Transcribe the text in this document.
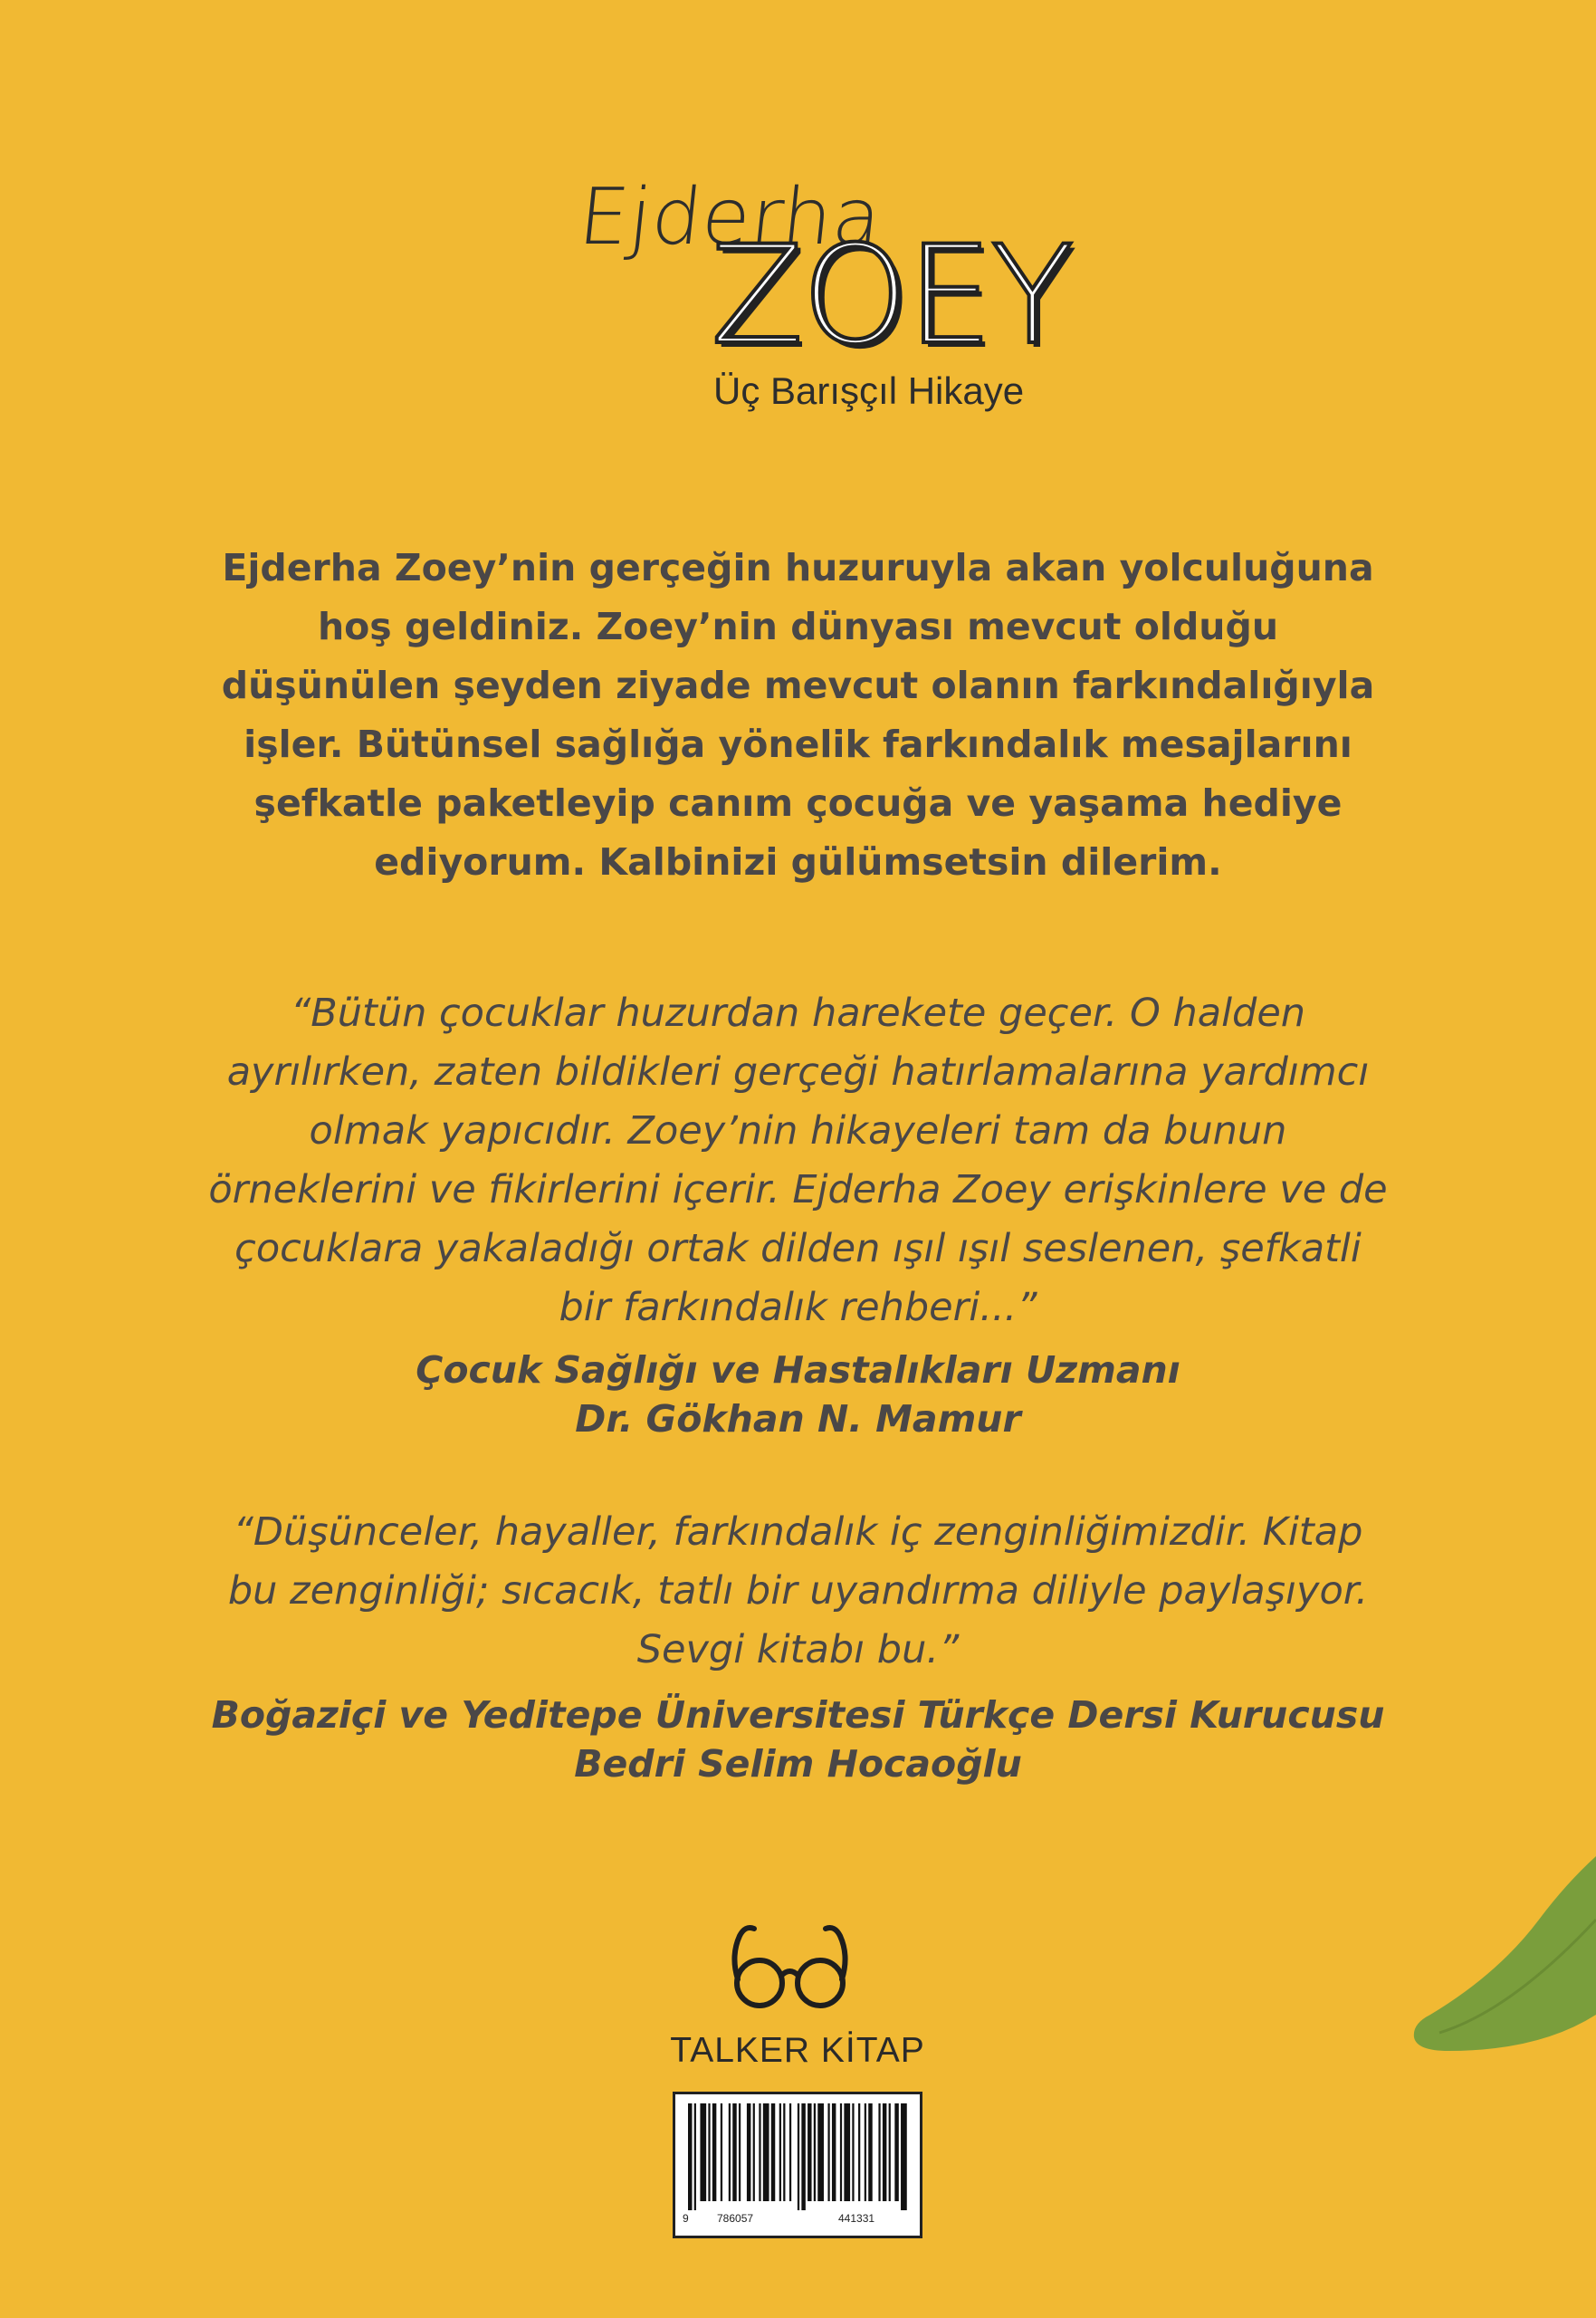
Ejderha
ZOEY
Üç Barışçıl Hikaye
Ejderha Zoey’nin gerçeğin huzuruyla akan yolculuğuna
hoş geldiniz. Zoey’nin dünyası mevcut olduğu
düşünülen şeyden ziyade mevcut olanın farkındalığıyla
işler. Bütünsel sağlığa yönelik farkındalık mesajlarını
şefkatle paketleyip canım çocuğa ve yaşama hediye
ediyorum. Kalbinizi gülümsetsin dilerim.
“Bütün çocuklar huzurdan harekete geçer. O halden
ayrılırken, zaten bildikleri gerçeği hatırlamalarına yardımcı
olmak yapıcıdır. Zoey’nin hikayeleri tam da bunun
örneklerini ve fikirlerini içerir. Ejderha Zoey erişkinlere ve de
çocuklara yakaladığı ortak dilden ışıl ışıl seslenen, şefkatli
bir farkındalık rehberi...”
Çocuk Sağlığı ve Hastalıkları Uzmanı
Dr. Gökhan N. Mamur
“Düşünceler, hayaller, farkındalık iç zenginliğimizdir. Kitap
bu zenginliği; sıcacık, tatlı bir uyandırma diliyle paylaşıyor.
Sevgi kitabı bu.”
Boğaziçi ve Yeditepe Üniversitesi Türkçe Dersi Kurucusu
Bedri Selim Hocaoğlu
TALKER KİTAP
9	786057	441331
